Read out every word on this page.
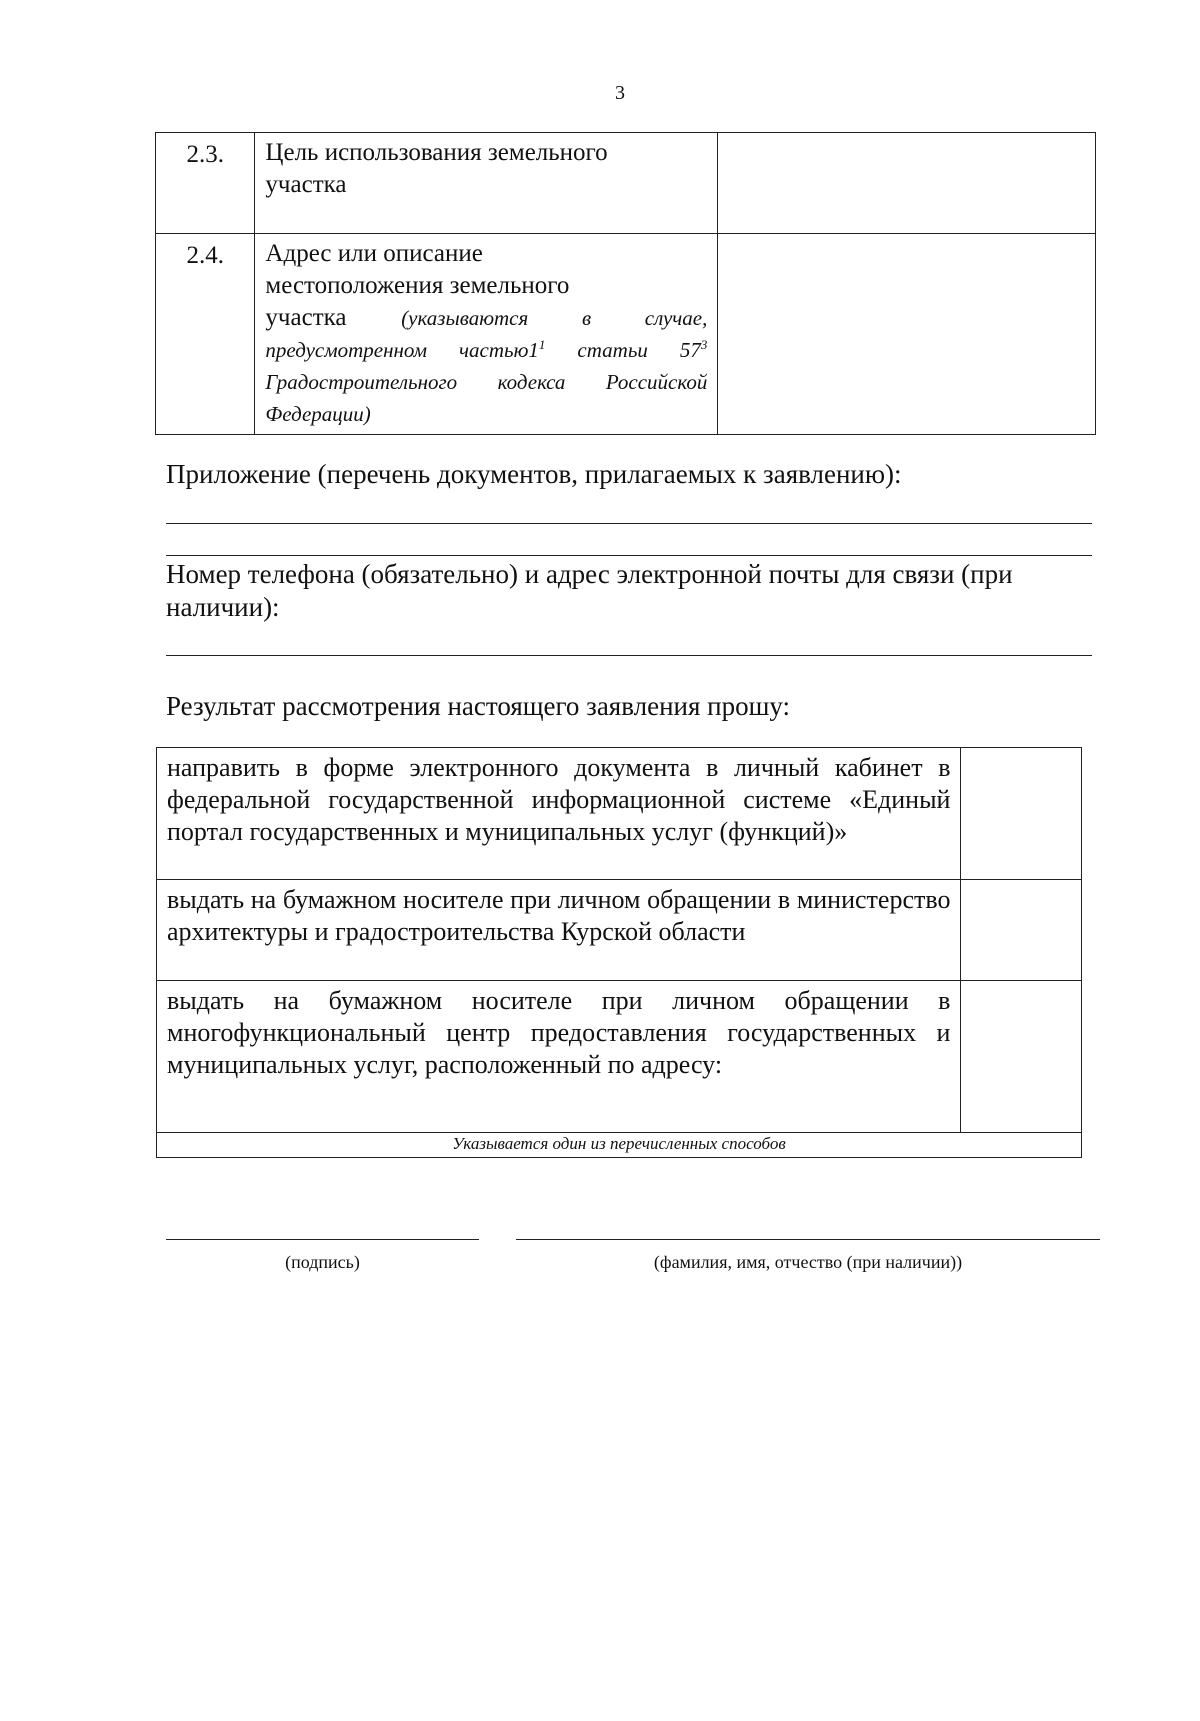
3
2.3.	Цель использования земельного
участка	
2.4.	Адрес или описание
местоположения земельного
участка (указываются в случае, предусмотренном $частью1^1$ статьи $57^3$ Градостроительного кодекса Российской Федерации)	
Приложение (перечень документов, прилагаемых к заявлению):
Номер телефона (обязательно) и адрес электронной почты для связи (при наличии):
Результат рассмотрения настоящего заявления прошу:
направить в форме электронного документа в личный кабинет в федеральной государственной информационной системе «Единый портал государственных и муниципальных услуг (функций)»	
выдать на бумажном носителе при личном обращении в министерство архитектуры и градостроительства Курской области	
выдать на бумажном носителе при личном обращении в многофункциональный центр предоставления государственных и муниципальных услуг, расположенный по адресу:	
Указывается один из перечисленных способов	
(подпись)	(фамилия, имя, отчество (при наличии))
